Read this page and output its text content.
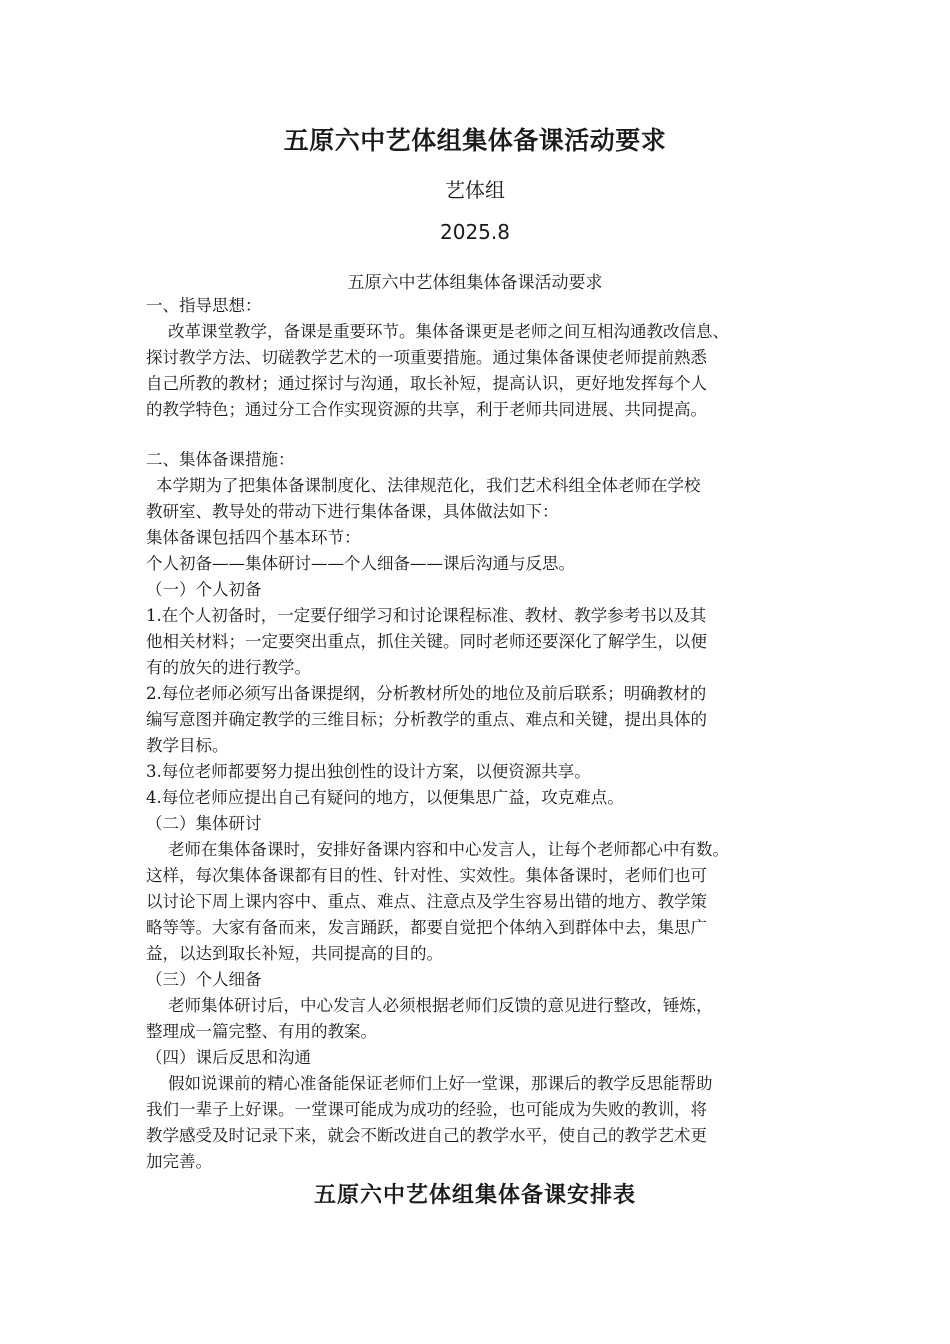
五原六中艺体组集体备课活动要求
艺体组
2025.8
五原六中艺体组集体备课活动要求
一、指导思想：
改革课堂教学，备课是重要环节。集体备课更是老师之间互相沟通教改信息、
探讨教学方法、切磋教学艺术的一项重要措施。通过集体备课使老师提前熟悉
自己所教的教材；通过探讨与沟通，取长补短，提高认识，更好地发挥每个人
的教学特色；通过分工合作实现资源的共享，利于老师共同进展、共同提高。
二、集体备课措施：
本学期为了把集体备课制度化、法律规范化，我们艺术科组全体老师在学校
教研室、教导处的带动下进行集体备课，具体做法如下：
集体备课包括四个基本环节：
个人初备——集体研讨——个人细备——课后沟通与反思。
（一）个人初备
1.在个人初备时，一定要仔细学习和讨论课程标准、教材、教学参考书以及其
他相关材料；一定要突出重点，抓住关键。同时老师还要深化了解学生，以便
有的放矢的进行教学。
2.每位老师必须写出备课提纲，分析教材所处的地位及前后联系；明确教材的
编写意图并确定教学的三维目标；分析教学的重点、难点和关键，提出具体的
教学目标。
3.每位老师都要努力提出独创性的设计方案，以便资源共享。
4.每位老师应提出自己有疑问的地方，以便集思广益，攻克难点。
（二）集体研讨
老师在集体备课时，安排好备课内容和中心发言人，让每个老师都心中有数。
这样，每次集体备课都有目的性、针对性、实效性。集体备课时，老师们也可
以讨论下周上课内容中、重点、难点、注意点及学生容易出错的地方、教学策
略等等。大家有备而来，发言踊跃，都要自觉把个体纳入到群体中去，集思广
益，以达到取长补短，共同提高的目的。
（三）个人细备
老师集体研讨后，中心发言人必须根据老师们反馈的意见进行整改，锤炼，
整理成一篇完整、有用的教案。
（四）课后反思和沟通
假如说课前的精心准备能保证老师们上好一堂课，那课后的教学反思能帮助
我们一辈子上好课。一堂课可能成为成功的经验，也可能成为失败的教训，将
教学感受及时记录下来，就会不断改进自己的教学水平，使自己的教学艺术更
加完善。
五原六中艺体组集体备课安排表
